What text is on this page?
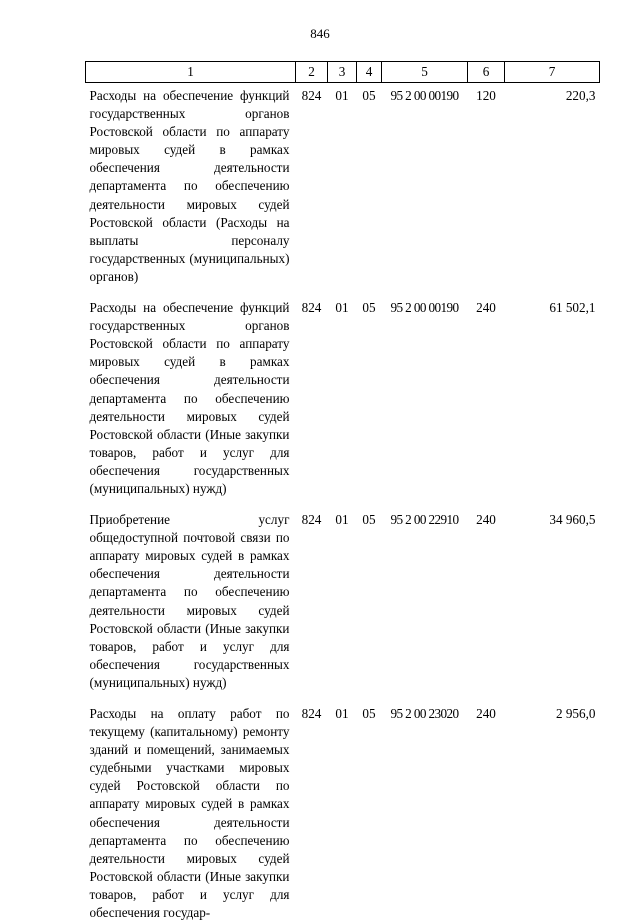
846
1	2	3	4	5	6	7
Расходы на обеспечение функций государственных органов Ростовской области по аппарату мировых судей в рамках обеспечения деятельности департамента по обеспечению деятельности мировых судей Ростовской области (Расходы на выплаты персоналу государственных (муниципальных) органов)	824	01	05	95 2 00 00190	120	220,3
Расходы на обеспечение функций государственных органов Ростовской области по аппарату мировых судей в рамках обеспечения деятельности департамента по обеспечению деятельности мировых судей Ростовской области (Иные закупки товаров, работ и услуг для обеспечения государственных (муниципальных) нужд)	824	01	05	95 2 00 00190	240	61 502,1
Приобретение услуг общедоступной почтовой связи по аппарату мировых судей в рамках обеспечения деятельности департамента по обеспечению деятельности мировых судей Ростовской области (Иные закупки товаров, работ и услуг для обеспечения государственных (муниципальных) нужд)	824	01	05	95 2 00 22910	240	34 960,5
Расходы на оплату работ по текущему (капитальному) ремонту зданий и помещений, занимаемых судебными участками мировых судей Ростовской области по аппарату мировых судей в рамках обеспечения деятельности департамента по обеспечению деятельности мировых судей Ростовской области (Иные закупки товаров, работ и услуг для обеспечения государ-	824	01	05	95 2 00 23020	240	2 956,0
